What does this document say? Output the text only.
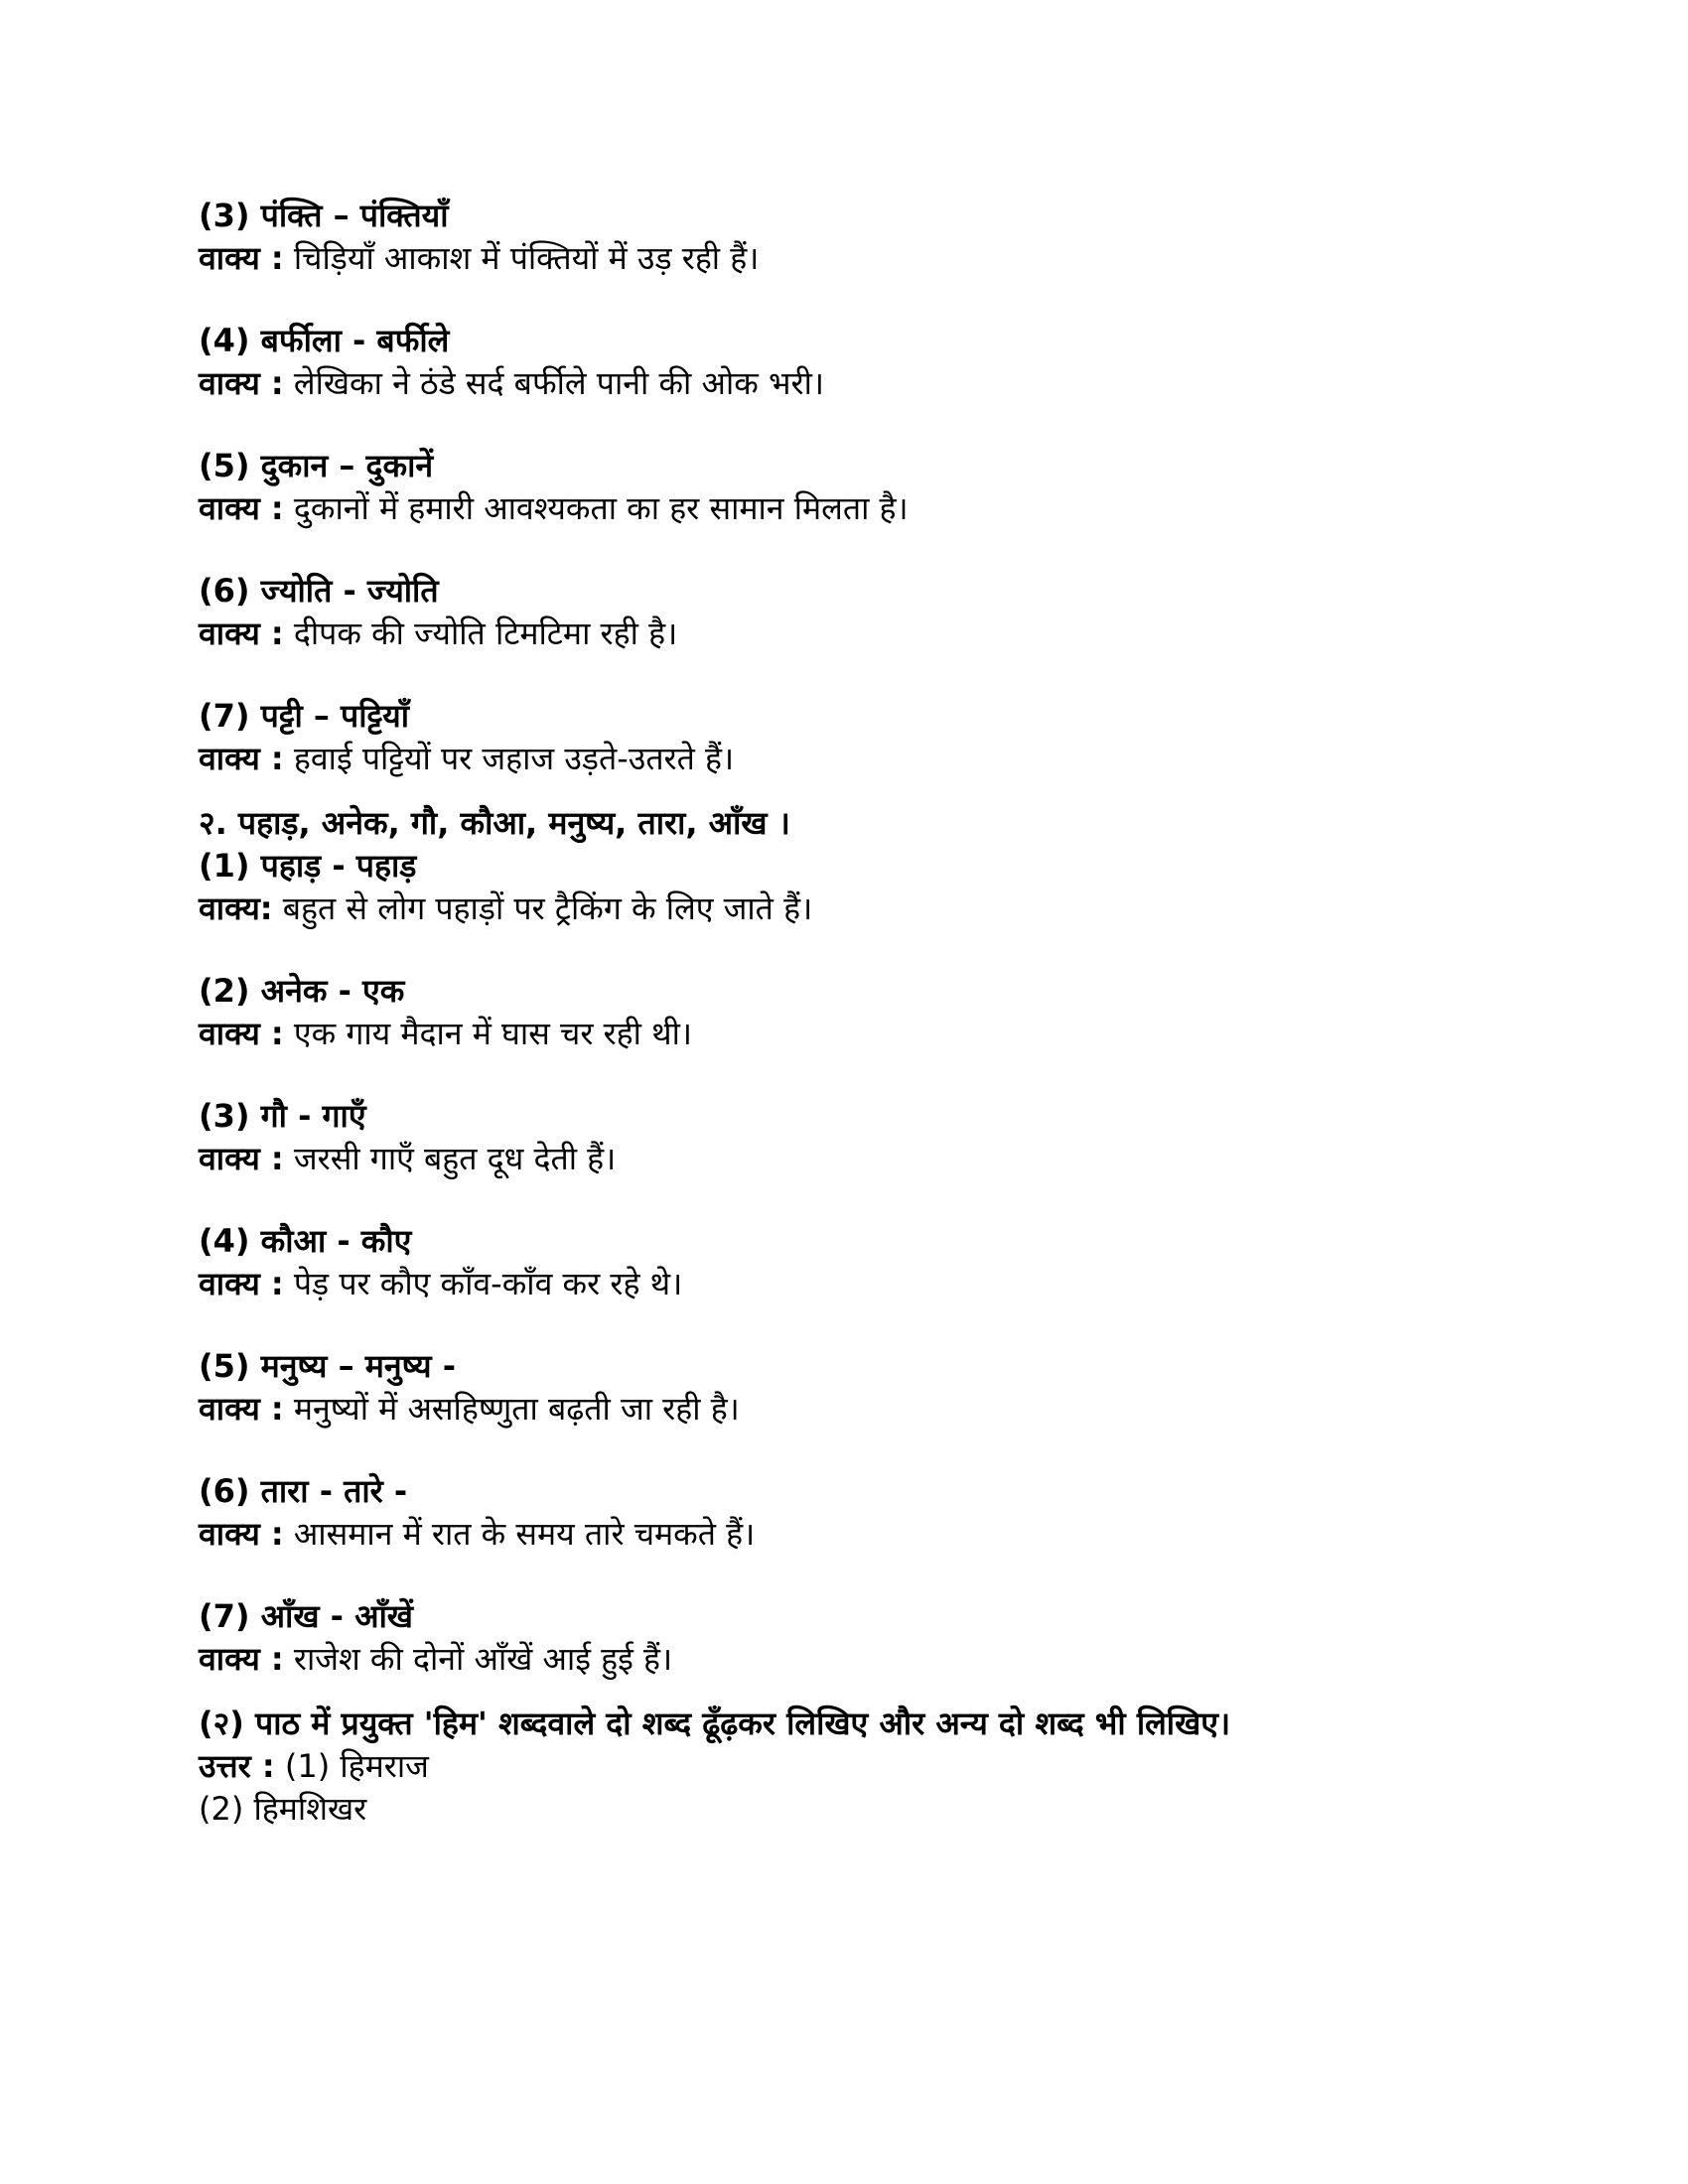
(3) पंक्ति – पंक्तियाँ
वाक्य : चिड़ियाँ आकाश में पंक्तियों में उड़ रही हैं।
(4) बर्फीला - बर्फीले
वाक्य : लेखिका ने ठंडे सर्द बर्फीले पानी की ओक भरी।
(5) दुकान – दुकानें
वाक्य : दुकानों में हमारी आवश्यकता का हर सामान मिलता है।
(6) ज्योति - ज्योति
वाक्य : दीपक की ज्योति टिमटिमा रही है।
(7) पट्टी – पट्टियाँ
वाक्य : हवाई पट्टियों पर जहाज उड़ते-उतरते हैं।
२. पहाड़, अनेक, गौ, कौआ, मनुष्य, तारा, आँख ।
(1) पहाड़ - पहाड़
वाक्य: बहुत से लोग पहाड़ों पर ट्रैकिंग के लिए जाते हैं।
(2) अनेक - एक
वाक्य : एक गाय मैदान में घास चर रही थी।
(3) गौ - गाएँ
वाक्य : जरसी गाएँ बहुत दूध देती हैं।
(4) कौआ - कौए
वाक्य : पेड़ पर कौए काँव-काँव कर रहे थे।
(5) मनुष्य – मनुष्य -
वाक्य : मनुष्यों में असहिष्णुता बढ़ती जा रही है।
(6) तारा - तारे -
वाक्य : आसमान में रात के समय तारे चमकते हैं।
(7) आँख - आँखें
वाक्य : राजेश की दोनों आँखें आई हुई हैं।
(२) पाठ में प्रयुक्त 'हिम' शब्दवाले दो शब्द ढूँढ़कर लिखिए और अन्य दो शब्द भी लिखिए।
उत्तर : (1) हिमराज
(2) हिमशिखर
